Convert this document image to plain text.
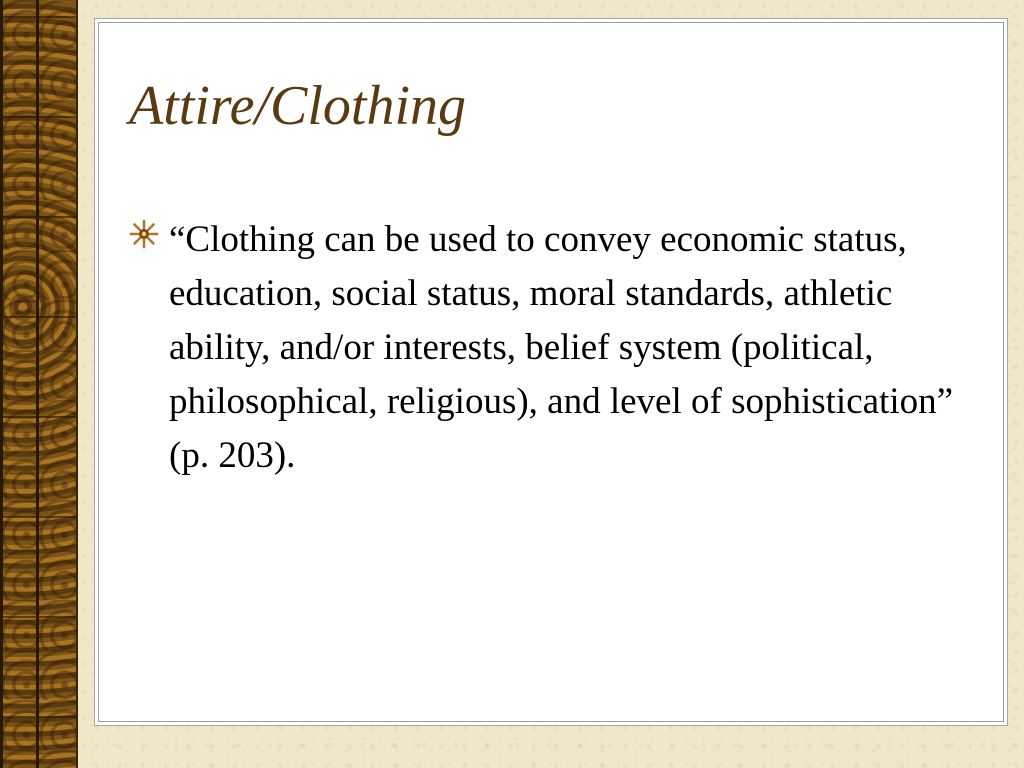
Attire/Clothing

“Clothing can be used to convey economic status, education, social status, moral standards, athletic ability, and/or interests, belief system (political, philosophical, religious), and level of sophistication” (p. 203).
